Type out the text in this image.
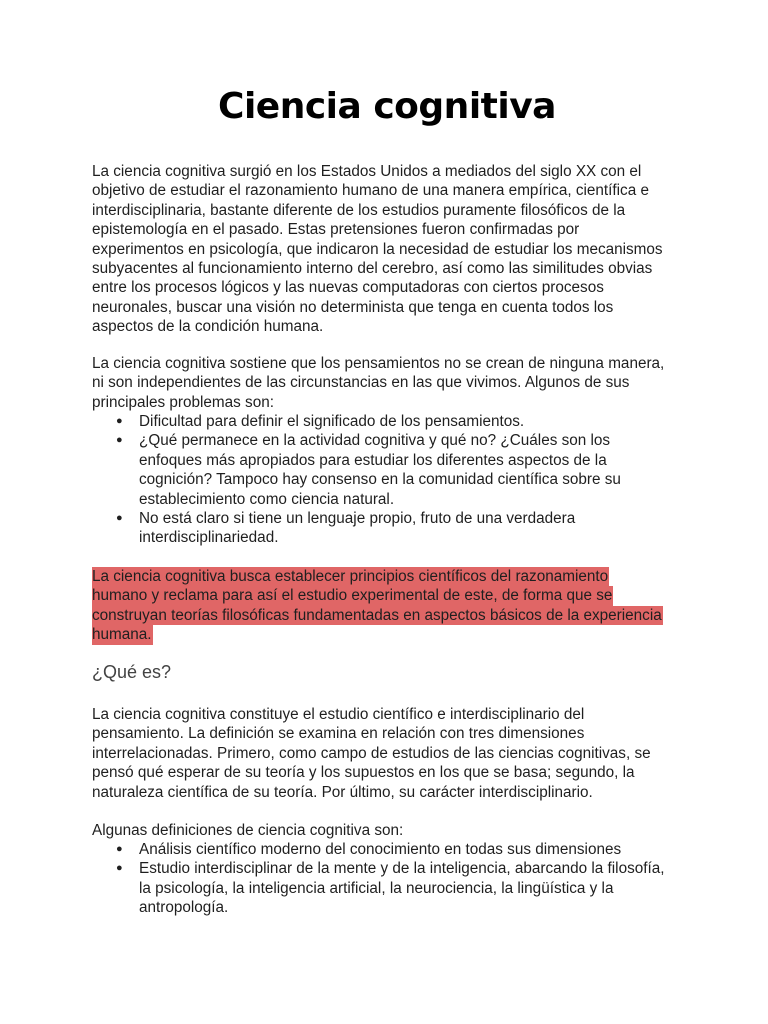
Ciencia cognitiva

La ciencia cognitiva surgió en los Estados Unidos a mediados del siglo XX con el
objetivo de estudiar el razonamiento humano de una manera empírica, científica e
interdisciplinaria, bastante diferente de los estudios puramente filosóficos de la
epistemología en el pasado. Estas pretensiones fueron confirmadas por
experimentos en psicología, que indicaron la necesidad de estudiar los mecanismos
subyacentes al funcionamiento interno del cerebro, así como las similitudes obvias
entre los procesos lógicos y las nuevas computadoras con ciertos procesos
neuronales, buscar una visión no determinista que tenga en cuenta todos los
aspectos de la condición humana.

La ciencia cognitiva sostiene que los pensamientos no se crean de ninguna manera,
ni son independientes de las circunstancias en las que vivimos. Algunos de sus
principales problemas son:

● Dificultad para definir el significado de los pensamientos.
● ¿Qué permanece en la actividad cognitiva y qué no? ¿Cuáles son los
enfoques más apropiados para estudiar los diferentes aspectos de la
cognición? Tampoco hay consenso en la comunidad científica sobre su
establecimiento como ciencia natural.
● No está claro si tiene un lenguaje propio, fruto de una verdadera
interdisciplinariedad.
La ciencia cognitiva busca establecer principios científicos del razonamiento
humano y reclama para así el estudio experimental de este, de forma que se
construyan teorías filosóficas fundamentadas en aspectos básicos de la experiencia
humana.
¿Qué es?

La ciencia cognitiva constituye el estudio científico e interdisciplinario del
pensamiento. La definición se examina en relación con tres dimensiones
interrelacionadas. Primero, como campo de estudios de las ciencias cognitivas, se
pensó qué esperar de su teoría y los supuestos en los que se basa; segundo, la
naturaleza científica de su teoría. Por último, su carácter interdisciplinario.

Algunas definiciones de ciencia cognitiva son:

● Análisis científico moderno del conocimiento en todas sus dimensiones
● Estudio interdisciplinar de la mente y de la inteligencia, abarcando la filosofía,
la psicología, la inteligencia artificial, la neurociencia, la lingüística y la
antropología.
